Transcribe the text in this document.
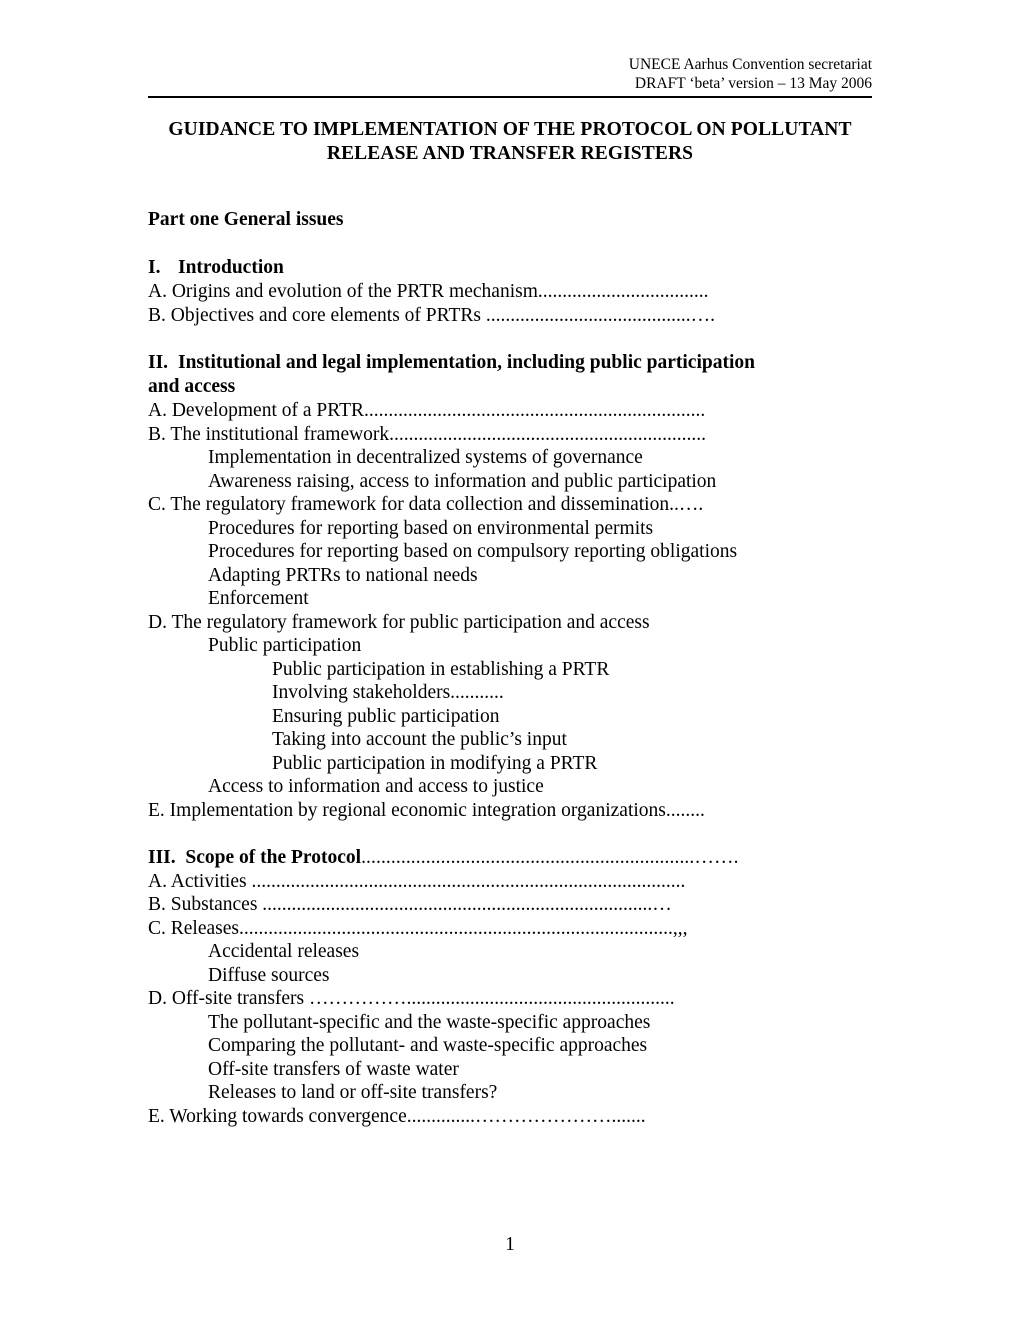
UNECE Aarhus Convention secretariat
DRAFT ‘beta’ version – 13 May 2006
GUIDANCE TO IMPLEMENTATION OF THE PROTOCOL ON POLLUTANT
RELEASE AND TRANSFER REGISTERS
Part one General issues
I. Introduction
A. Origins and evolution of the PRTR mechanism...................................
B. Objectives and core elements of PRTRs ..........................................….
II. Institutional and legal implementation, including public participation
and access
A. Development of a PRTR......................................................................
B. The institutional framework.................................................................
Implementation in decentralized systems of governance
Awareness raising, access to information and public participation
C. The regulatory framework for data collection and dissemination..….
Procedures for reporting based on environmental permits
Procedures for reporting based on compulsory reporting obligations
Adapting PRTRs to national needs
Enforcement
D. The regulatory framework for public participation and access
Public participation
Public participation in establishing a PRTR
Involving stakeholders...........
Ensuring public participation
Taking into account the public’s input
Public participation in modifying a PRTR
Access to information and access to justice
E. Implementation by regional economic integration organizations........
III. Scope of the Protocol...................................................................…….
A. Activities .........................................................................................
B. Substances ................................................................................…
C. Releases.........................................................................................,,,
Accidental releases
Diffuse sources
D. Off-site transfers …………….......................................................
The pollutant-specific and the waste-specific approaches
Comparing the pollutant- and waste-specific approaches
Off-site transfers of waste water
Releases to land or off-site transfers?
E. Working towards convergence..............………………….......
1
